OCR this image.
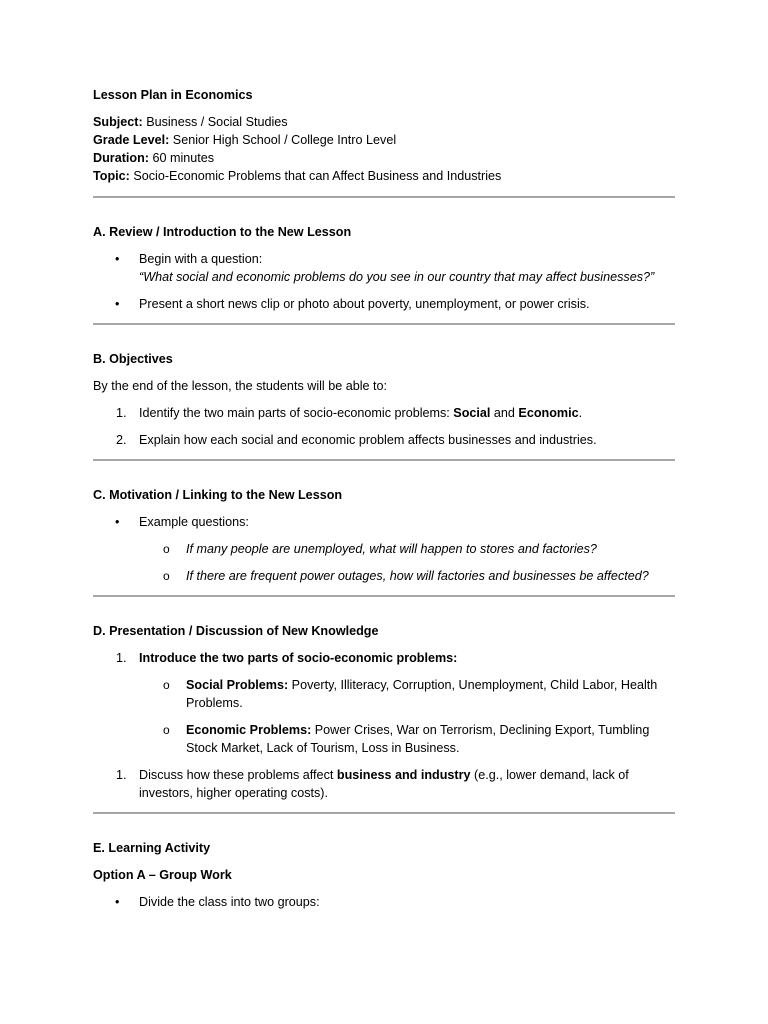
Lesson Plan in Economics

Subject: Business / Social Studies

Grade Level: Senior High School / College Intro Level

Duration: 60 minutes

Topic: Socio-Economic Problems that can Affect Business and Industries

A. Review / Introduction to the New Lesson

• Begin with a question:
“What social and economic problems do you see in our country that may affect businesses?”
• Present a short news clip or photo about poverty, unemployment, or power crisis.

B. Objectives

By the end of the lesson, the students will be able to:

1. Identify the two main parts of socio-economic problems: Social and Economic.
2. Explain how each social and economic problem affects businesses and industries.

C. Motivation / Linking to the New Lesson

• Example questions:
o If many people are unemployed, what will happen to stores and factories?
o If there are frequent power outages, how will factories and businesses be affected?

D. Presentation / Discussion of New Knowledge

1. Introduce the two parts of socio-economic problems:
o Social Problems: Poverty, Illiteracy, Corruption, Unemployment, Child Labor, Health Problems.
o Economic Problems: Power Crises, War on Terrorism, Declining Export, Tumbling Stock Market, Lack of Tourism, Loss in Business.
1. Discuss how these problems affect business and industry (e.g., lower demand, lack of investors, higher operating costs).

E. Learning Activity

Option A – Group Work

• Divide the class into two groups:
